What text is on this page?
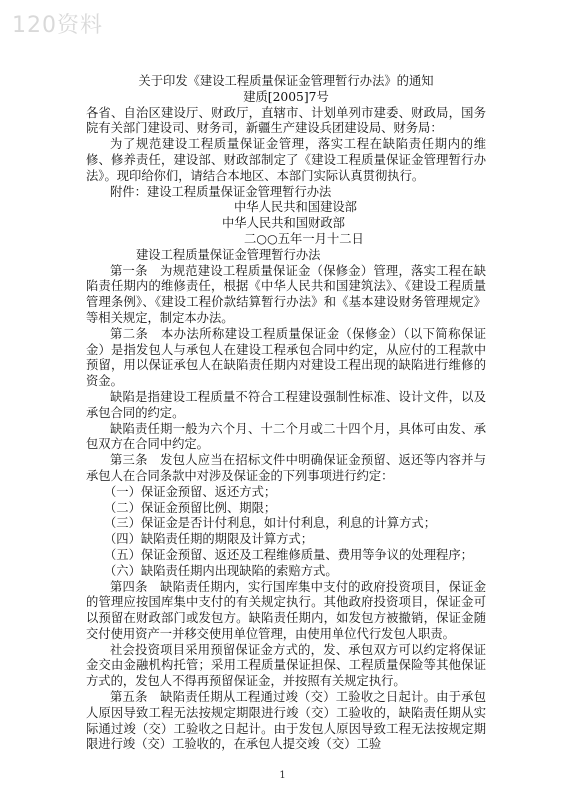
120资料
关于印发《建设工程质量保证金管理暂行办法》的通知
建质[2005]7号

各省、自治区建设厅、财政厅，直辖市、计划单列市建委、财政局，国务院有关部门建设司、财务司，新疆生产建设兵团建设局、财务局：

为了规范建设工程质量保证金管理，落实工程在缺陷责任期内的维修、修养责任，建设部、财政部制定了《建设工程质量保证金管理暂行办法》。现印给你们，请结合本地区、本部门实际认真贯彻执行。

附件：建设工程质量保证金管理暂行办法

中华人民共和国建设部
中华人民共和国财政部
二○○五年一月十二日
建设工程质量保证金管理暂行办法

第一条　为规范建设工程质量保证金（保修金）管理，落实工程在缺陷责任期内的维修责任，根据《中华人民共和国建筑法》、《建设工程质量管理条例》、《建设工程价款结算暂行办法》和《基本建设财务管理规定》等相关规定，制定本办法。

第二条　本办法所称建设工程质量保证金（保修金）（以下简称保证金）是指发包人与承包人在建设工程承包合同中约定，从应付的工程款中预留，用以保证承包人在缺陷责任期内对建设工程出现的缺陷进行维修的资金。

缺陷是指建设工程质量不符合工程建设强制性标准、设计文件，以及承包合同的约定。

缺陷责任期一般为六个月、十二个月或二十四个月，具体可由发、承包双方在合同中约定。

第三条　发包人应当在招标文件中明确保证金预留、返还等内容并与承包人在合同条款中对涉及保证金的下列事项进行约定：

（一）保证金预留、返还方式；
（二）保证金预留比例、期限；
（三）保证金是否计付利息，如计付利息，利息的计算方式；
（四）缺陷责任期的期限及计算方式；
（五）保证金预留、返还及工程维修质量、费用等争议的处理程序；
（六）缺陷责任期内出现缺陷的索赔方式。

第四条　缺陷责任期内，实行国库集中支付的政府投资项目，保证金的管理应按国库集中支付的有关规定执行。其他政府投资项目，保证金可以预留在财政部门或发包方。缺陷责任期内，如发包方被撤销，保证金随交付使用资产一并移交使用单位管理，由使用单位代行发包人职责。

社会投资项目采用预留保证金方式的，发、承包双方可以约定将保证金交由金融机构托管；采用工程质量保证担保、工程质量保险等其他保证方式的，发包人不得再预留保证金，并按照有关规定执行。

第五条　缺陷责任期从工程通过竣（交）工验收之日起计。由于承包人原因导致工程无法按规定期限进行竣（交）工验收的，缺陷责任期从实际通过竣（交）工验收之日起计。由于发包人原因导致工程无法按规定期限进行竣（交）工验收的，在承包人提交竣（交）工验

1
